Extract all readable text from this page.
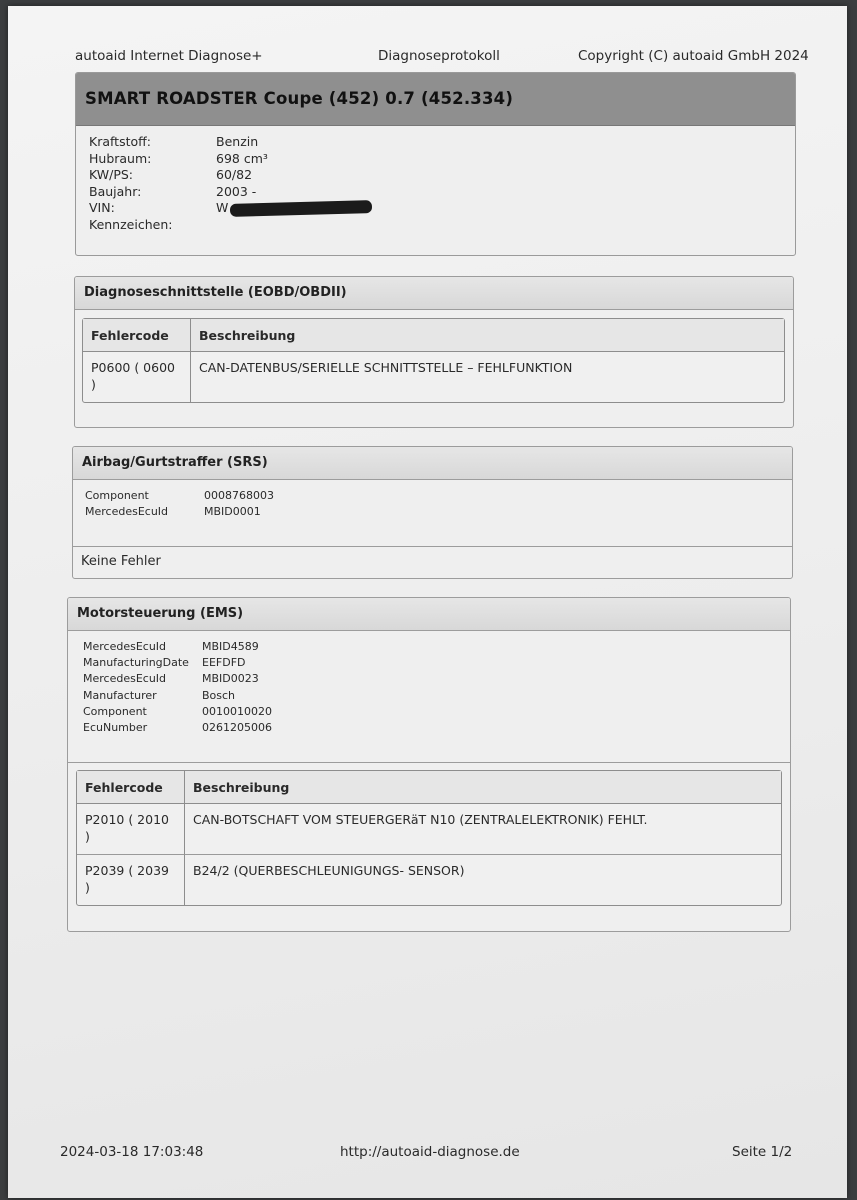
autoaid Internet Diagnose+	Diagnoseprotokoll	Copyright (C) autoaid GmbH 2024
SMART ROADSTER Coupe (452) 0.7 (452.334)
Kraftstoff:	Benzin
Hubraum:	698 cm³
KW/PS:	60/82
Baujahr:	2003 -
VIN:	W
Kennzeichen:
Diagnoseschnittstelle (EOBD/OBDII)
Fehlercode	Beschreibung
P0600 ( 0600 )	CAN-DATENBUS/SERIELLE SCHNITTSTELLE – FEHLFUNKTION
Airbag/Gurtstraffer (SRS)
Component	0008768003
MercedesEcuId	MBID0001
Keine Fehler
Motorsteuerung (EMS)
MercedesEcuId	MBID4589
ManufacturingDate	EEFDFD
MercedesEcuId	MBID0023
Manufacturer	Bosch
Component	0010010020
EcuNumber	0261205006
Fehlercode	Beschreibung
P2010 ( 2010 )	CAN-BOTSCHAFT VOM STEUERGERäT N10 (ZENTRALELEKTRONIK) FEHLT.
P2039 ( 2039 )	B24/2 (QUERBESCHLEUNIGUNGS- SENSOR)
2024-03-18 17:03:48	http://autoaid-diagnose.de	Seite 1/2
